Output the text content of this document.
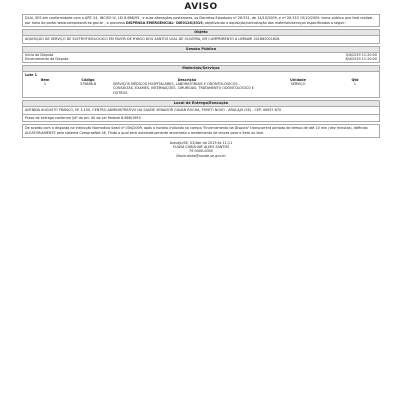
AVISO
DLAI, SES em conformidade com o ART. 24, INCISO IV, LEI 8.666/93 , e suas alterações posteriores, os Decretos Estaduais nº 26.531, de 14/10/2009, e nº 26.533 15/10/2009, torna público que fará realizar, por meio do portal www.comprasnet.se.gov.br , o processo DISPENSA EMERGENCIAL- DIE0128/2019, objetivando a aquisição/contratação dos materiais/serviços especificados a seguir:
Objeto
AQUISIÇÃO DE SERVIÇO DE ELETROFISIOLÓGICO EM FAVOR DE HYAGO DOS SANTOS LEAL DE OLIVEIRA, EM CUMPRIMENTO A LIMINAR 201862001626.
Sessão Pública
Início da Disputa	3/4/2019 11:20:00
Encerramento da Disputa	8/4/2019 11:20:00
Materiais/Serviços
Lote 1
Item	Código	Descrição	Unidade	Qtd
1	375686-8	SERVIÇOS MÉDICOS HOSPITALARES, LABORATORIAIS E ODONTOLÓGICOS - CONSULTAS, EXAMES, INTERNAÇÕES, CIRURGIAS, TRATAMENTO ODONTOLÓGICO E OUTROS.	SERVIÇO	1
Local de Entrega/Execução
AVENIDA AUGUSTO FRANCO, Nº 3.150, CENTRO ADMINISTRATIVO DA SAÚDE SENADOR GILVAN ROCHA, PONTO NOVO - ARACAJU (SE) - CEP. 49097-670
Prazo de entrega conforme §4º do art. 40 da Lei Federal 8.666/1993.
De acordo com o disposto na Instrução Normativa Sead nº 004/2009, após o horário indicado no campo "Encerramento da Disputa" transcorrerá período de tempo de até 10 min (dez minutos), definido ALEATORIAMENTE pelo sistema ComprasNet.SE, Findo o qual será automaticamente encerrada o recebimento de lances para o item ou lote.
Aracaju/SE, 03/Abr de 2019 às 11:11
FLÁVIA CAROLINE ALVES SANTOS
79 0000-0000
flavia.alves@saude.se.gov.br
